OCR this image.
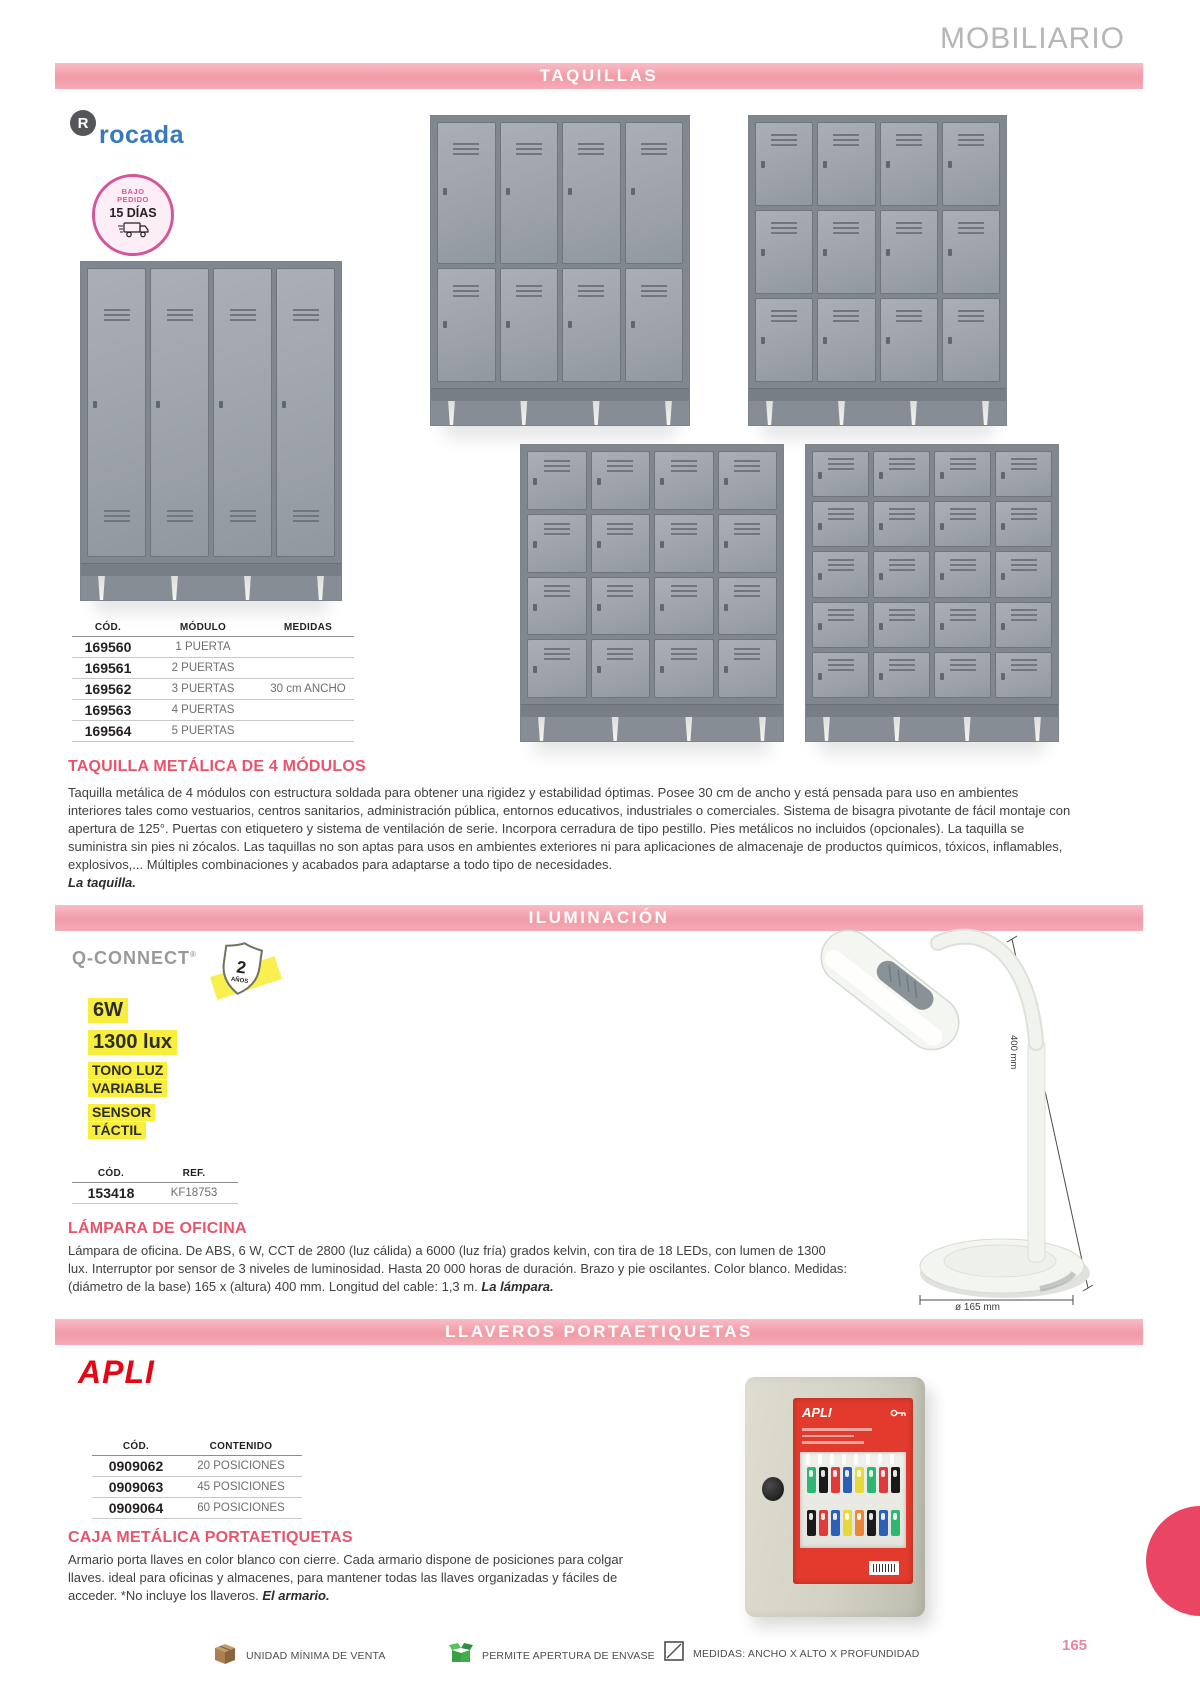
MOBILIARIO
TAQUILLAS
ILUMINACIÓN
LLAVEROS PORTAETIQUETAS
R rocada
BAJO
PEDIDO
15 DÍAS
CÓD.	MÓDULO	MEDIDAS
169560	1 PUERTA
169561	2 PUERTAS
169562	3 PUERTAS	30 cm ANCHO
169563	4 PUERTAS
169564	5 PUERTAS
TAQUILLA METÁLICA DE 4 MÓDULOS
Taquilla metálica de 4 módulos con estructura soldada para obtener una rigidez y estabilidad óptimas. Posee 30 cm de ancho y está pensada para uso en ambientes interiores tales como vestuarios, centros sanitarios, administración pública, entornos educativos, industriales o comerciales. Sistema de bisagra pivotante de fácil montaje con apertura de 125°. Puertas con etiquetero y sistema de ventilación de serie. Incorpora cerradura de tipo pestillo. Pies metálicos no incluidos (opcionales). La taquilla se suministra sin pies ni zócalos. Las taquillas no son aptas para usos en ambientes exteriores ni para aplicaciones de almacenaje de productos químicos, tóxicos, inflamables, explosivos,... Múltiples combinaciones y acabados para adaptarse a todo tipo de necesidades.
La taquilla.
Q-CONNECT®
2
AÑOS
6W
1300 lux
TONO LUZ
VARIABLE
SENSOR
TÁCTIL
CÓD.	REF.
153418	KF18753
LÁMPARA DE OFICINA
Lámpara de oficina. De ABS, 6 W, CCT de 2800 (luz cálida) a 6000 (luz fría) grados kelvin, con tira de 18 LEDs, con lumen de 1300 lux. Interruptor por sensor de 3 niveles de luminosidad. Hasta 20 000 horas de duración. Brazo y pie oscilantes. Color blanco. Medidas: (diámetro de la base) 165 x (altura) 400 mm. Longitud del cable: 1,3 m. La lámpara.
400 mm
ø 165 mm
APLI
APLI
CÓD.	CONTENIDO
0909062	20 POSICIONES
0909063	45 POSICIONES
0909064	60 POSICIONES
CAJA METÁLICA PORTAETIQUETAS
Armario porta llaves en color blanco con cierre. Cada armario dispone de posiciones para colgar llaves. ideal para oficinas y almacenes, para mantener todas las llaves organizadas y fáciles de acceder. *No incluye los llaveros. El armario.
UNIDAD MÍNIMA DE VENTA	PERMITE APERTURA DE ENVASE	MEDIDAS: ANCHO X ALTO X PROFUNDIDAD	165
